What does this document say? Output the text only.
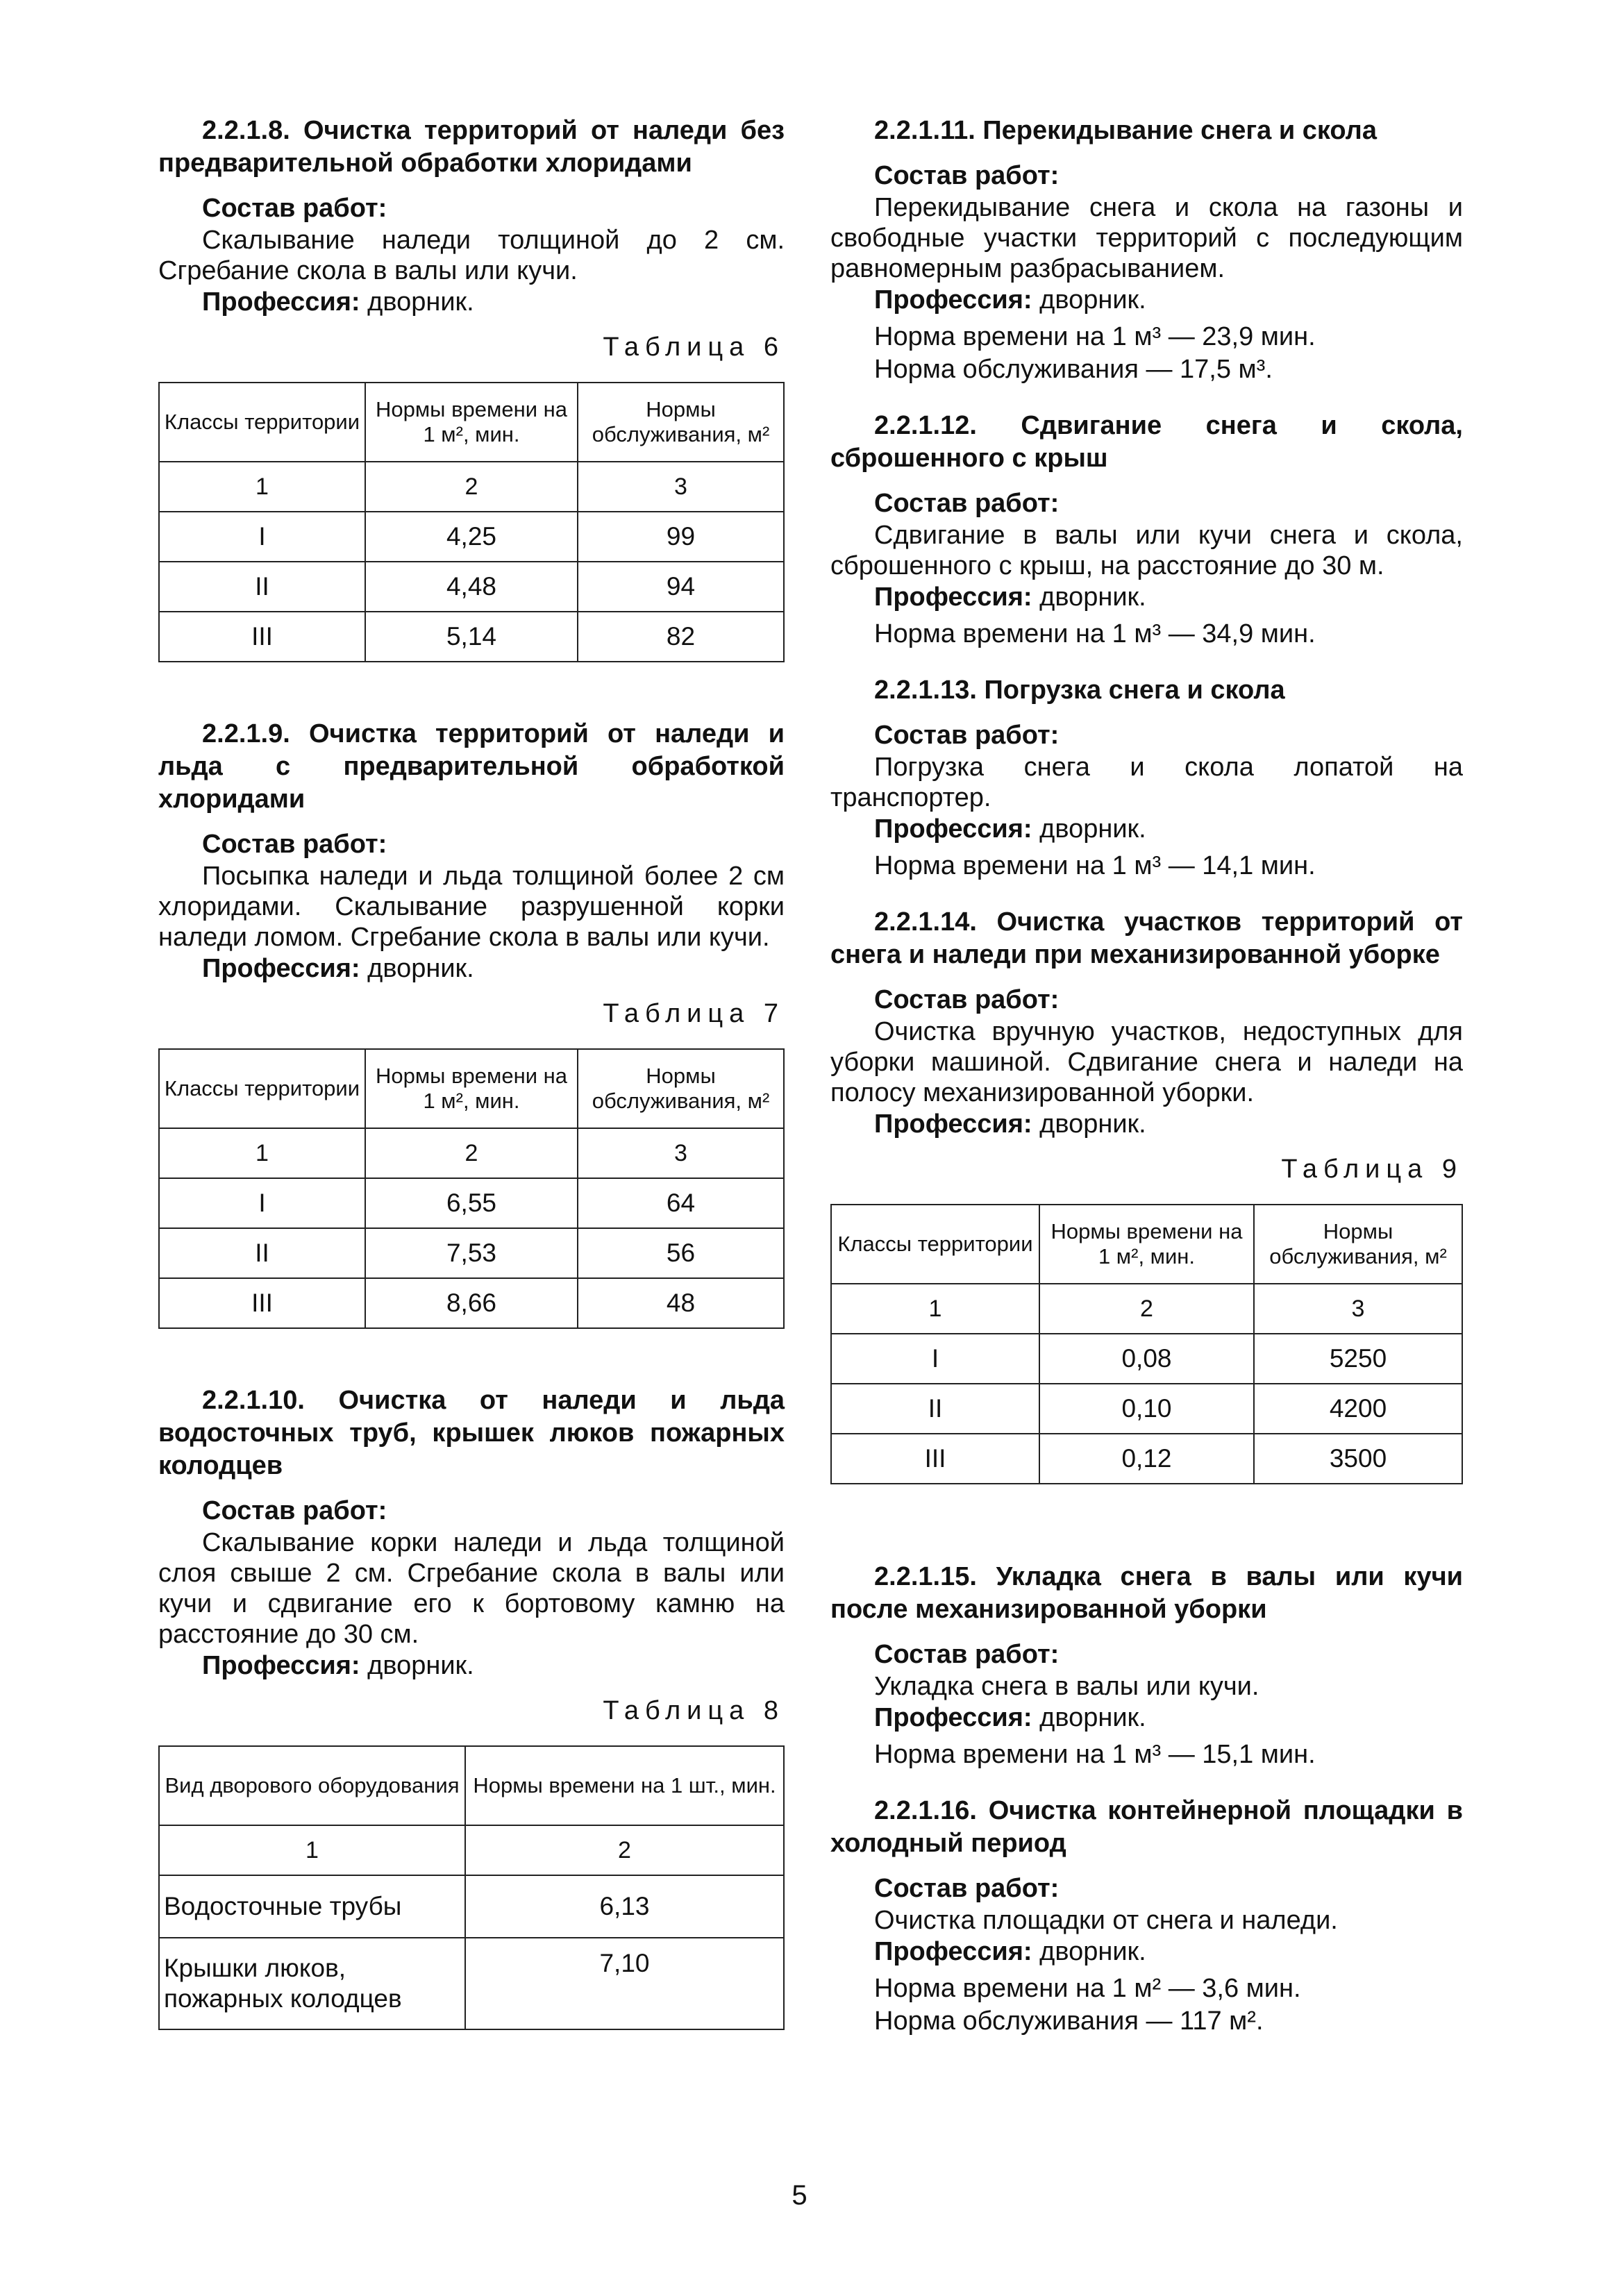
2.2.1.8. Очистка территорий от наледи без предварительной обработки хлоридами
Состав работ:

Скалывание наледи толщиной до 2 см. Сгребание скола в валы или кучи.

Профессия: дворник.
Таблица 6
Классы территории	Нормы времени на 1 м², мин.	Нормы обслуживания, м²
1	2	3
I	4,25	99
II	4,48	94
III	5,14	82
2.2.1.9. Очистка территорий от наледи и льда с предварительной обработкой хлоридами
Состав работ:

Посыпка наледи и льда толщиной более 2 см хлоридами. Скалывание разрушенной корки наледи ломом. Сгребание скола в валы или кучи.

Профессия: дворник.
Таблица 7
Классы территории	Нормы времени на 1 м², мин.	Нормы обслуживания, м²
1	2	3
I	6,55	64
II	7,53	56
III	8,66	48
2.2.1.10. Очистка от наледи и льда водосточных труб, крышек люков пожарных колодцев
Состав работ:

Скалывание корки наледи и льда толщиной слоя свыше 2 см. Сгребание скола в валы или кучи и сдвигание его к бортовому камню на расстояние до 30 см.

Профессия: дворник.
Таблица 8
Вид дворового оборудования	Нормы времени на 1 шт., мин.
1	2
Водосточные трубы	6,13
Крышки люков, пожарных колодцев	7,10
2.2.1.11. Перекидывание снега и скола
Состав работ:

Перекидывание снега и скола на газоны и свободные участки территорий с последующим равномерным разбрасыванием.

Профессия: дворник.
Норма времени на 1 м³ — 23,9 мин.
Норма обслуживания — 17,5 м³.
2.2.1.12. Сдвигание снега и скола, сброшенного с крыш
Состав работ:

Сдвигание в валы или кучи снега и скола, сброшенного с крыш, на расстояние до 30 м.

Профессия: дворник.
Норма времени на 1 м³ — 34,9 мин.
2.2.1.13. Погрузка снега и скола
Состав работ:

Погрузка снега и скола лопатой на транспортер.

Профессия: дворник.
Норма времени на 1 м³ — 14,1 мин.
2.2.1.14. Очистка участков территорий от снега и наледи при механизированной уборке
Состав работ:

Очистка вручную участков, недоступных для уборки машиной. Сдвигание снега и наледи на полосу механизированной уборки.

Профессия: дворник.
Таблица 9
Классы территории	Нормы времени на 1 м², мин.	Нормы обслуживания, м²
1	2	3
I	0,08	5250
II	0,10	4200
III	0,12	3500
2.2.1.15. Укладка снега в валы или кучи после механизированной уборки
Состав работ:

Укладка снега в валы или кучи.

Профессия: дворник.
Норма времени на 1 м³ — 15,1 мин.
2.2.1.16. Очистка контейнерной площадки в холодный период
Состав работ:

Очистка площадки от снега и наледи.

Профессия: дворник.
Норма времени на 1 м² — 3,6 мин.
Норма обслуживания — 117 м².
5
